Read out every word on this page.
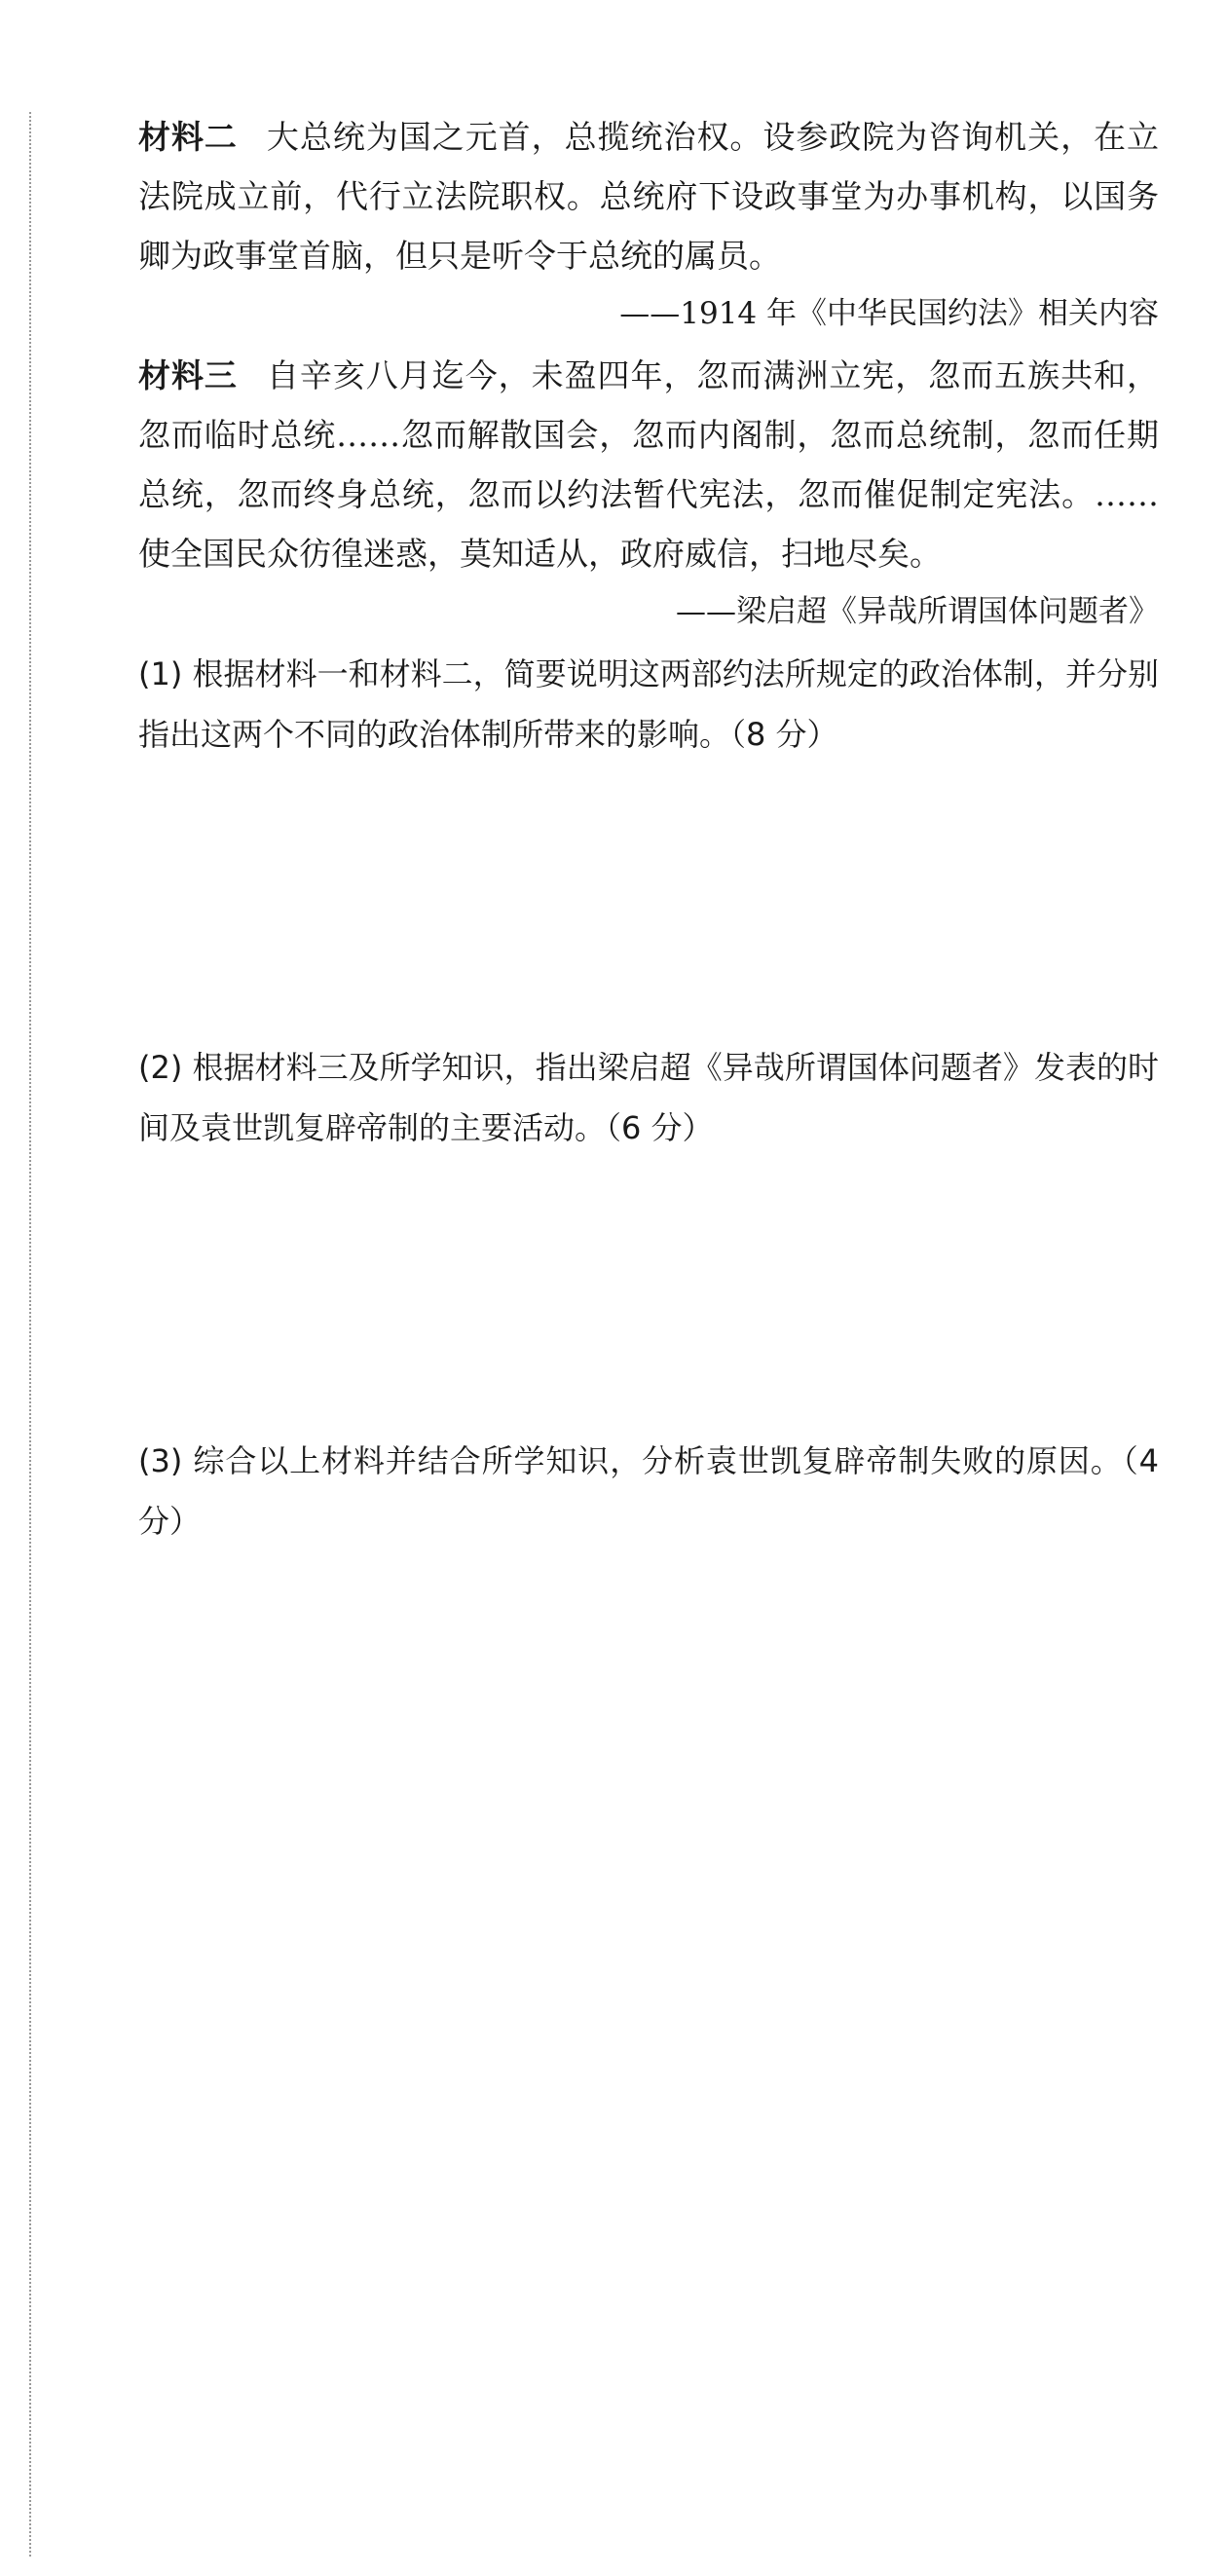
材料二 大总统为国之元首，总揽统治权。设参政院为咨询机关，在立法院成立前，代行立法院职权。总统府下设政事堂为办事机构，以国务卿为政事堂首脑，但只是听令于总统的属员。

——1914 年《中华民国约法》相关内容

材料三 自辛亥八月迄今，未盈四年，忽而满洲立宪，忽而五族共和，忽而临时总统……忽而解散国会，忽而内阁制，忽而总统制，忽而任期总统，忽而终身总统，忽而以约法暂代宪法，忽而催促制定宪法。……使全国民众彷徨迷惑，莫知适从，政府威信，扫地尽矣。

——梁启超《异哉所谓国体问题者》

(1) 根据材料一和材料二，简要说明这两部约法所规定的政治体制，并分别指出这两个不同的政治体制所带来的影响。（8 分）

(2) 根据材料三及所学知识，指出梁启超《异哉所谓国体问题者》发表的时间及袁世凯复辟帝制的主要活动。（6 分）

(3) 综合以上材料并结合所学知识，分析袁世凯复辟帝制失败的原因。（4 分）
